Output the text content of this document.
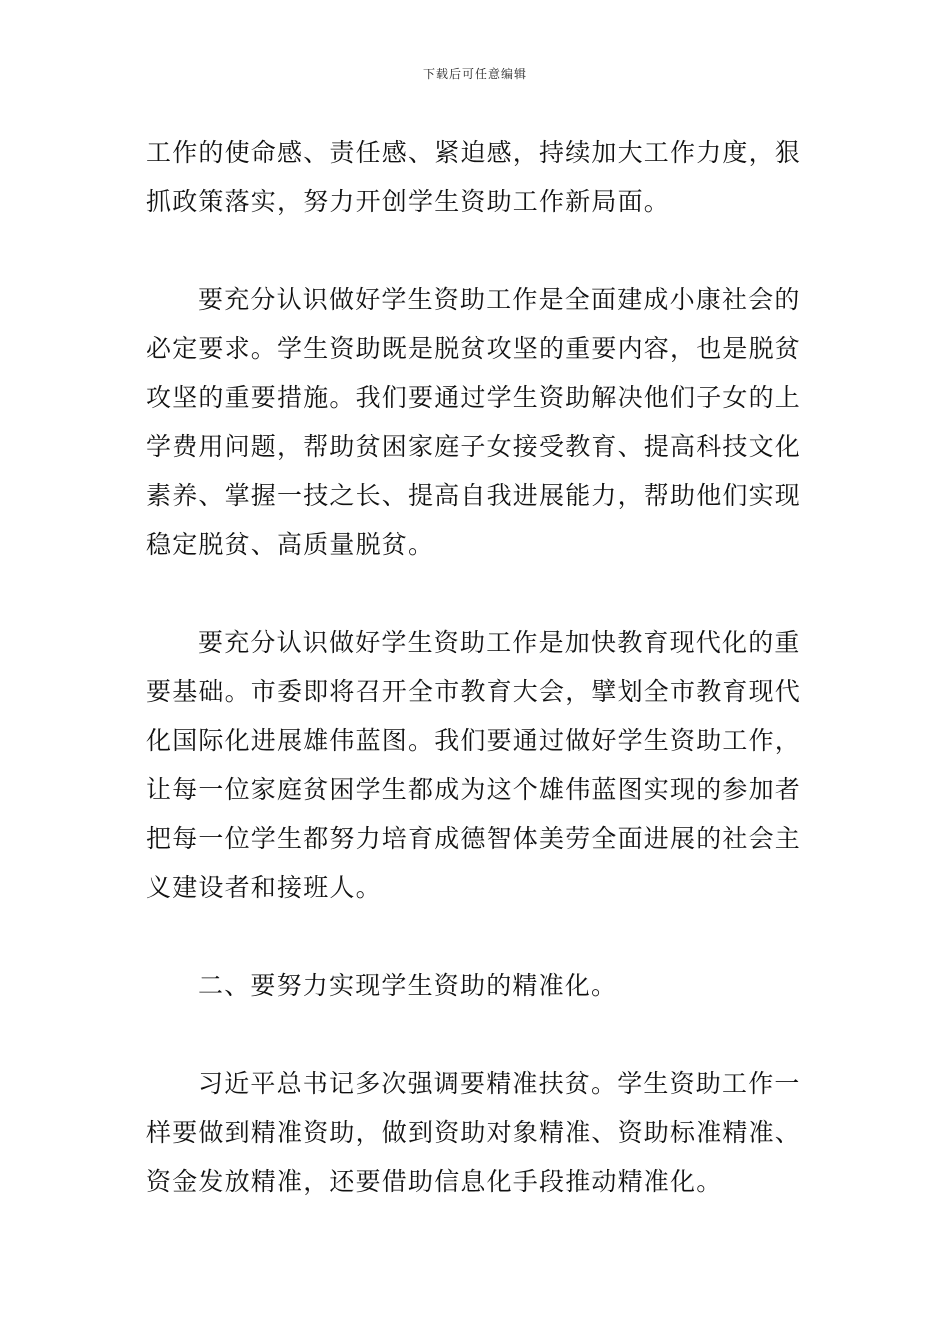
下载后可任意编辑
工作的使命感、责任感、紧迫感，持续加大工作力度，狠
抓政策落实，努力开创学生资助工作新局面。
要充分认识做好学生资助工作是全面建成小康社会的
必定要求。学生资助既是脱贫攻坚的重要内容，也是脱贫
攻坚的重要措施。我们要通过学生资助解决他们子女的上
学费用问题，帮助贫困家庭子女接受教育、提高科技文化
素养、掌握一技之长、提高自我进展能力，帮助他们实现
稳定脱贫、高质量脱贫。
要充分认识做好学生资助工作是加快教育现代化的重
要基础。市委即将召开全市教育大会，擘划全市教育现代
化国际化进展雄伟蓝图。我们要通过做好学生资助工作，
让每一位家庭贫困学生都成为这个雄伟蓝图实现的参加者
把每一位学生都努力培育成德智体美劳全面进展的社会主
义建设者和接班人。
二、要努力实现学生资助的精准化。
习近平总书记多次强调要精准扶贫。学生资助工作一
样要做到精准资助，做到资助对象精准、资助标准精准、
资金发放精准，还要借助信息化手段推动精准化。
